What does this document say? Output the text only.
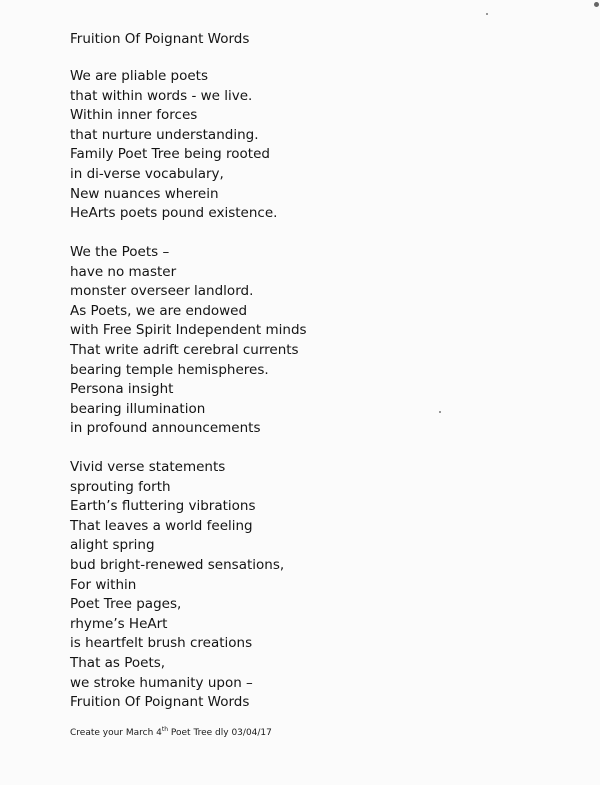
Fruition Of Poignant Words
We are pliable poets
that within words - we live.
Within inner forces
that nurture understanding.
Family Poet Tree being rooted
in di-verse vocabulary,
New nuances wherein
HeArts poets pound existence.
We the Poets –
have no master
monster overseer landlord.
As Poets, we are endowed
with Free Spirit Independent minds
That write adrift cerebral currents
bearing temple hemispheres.
Persona insight
bearing illumination
in profound announcements
Vivid verse statements
sprouting forth
Earth’s fluttering vibrations
That leaves a world feeling
alight spring
bud bright-renewed sensations,
For within
Poet Tree pages,
rhyme’s HeArt
is heartfelt brush creations
That as Poets,
we stroke humanity upon –
Fruition Of Poignant Words
Create your March 4th Poet Tree dly 03/04/17
